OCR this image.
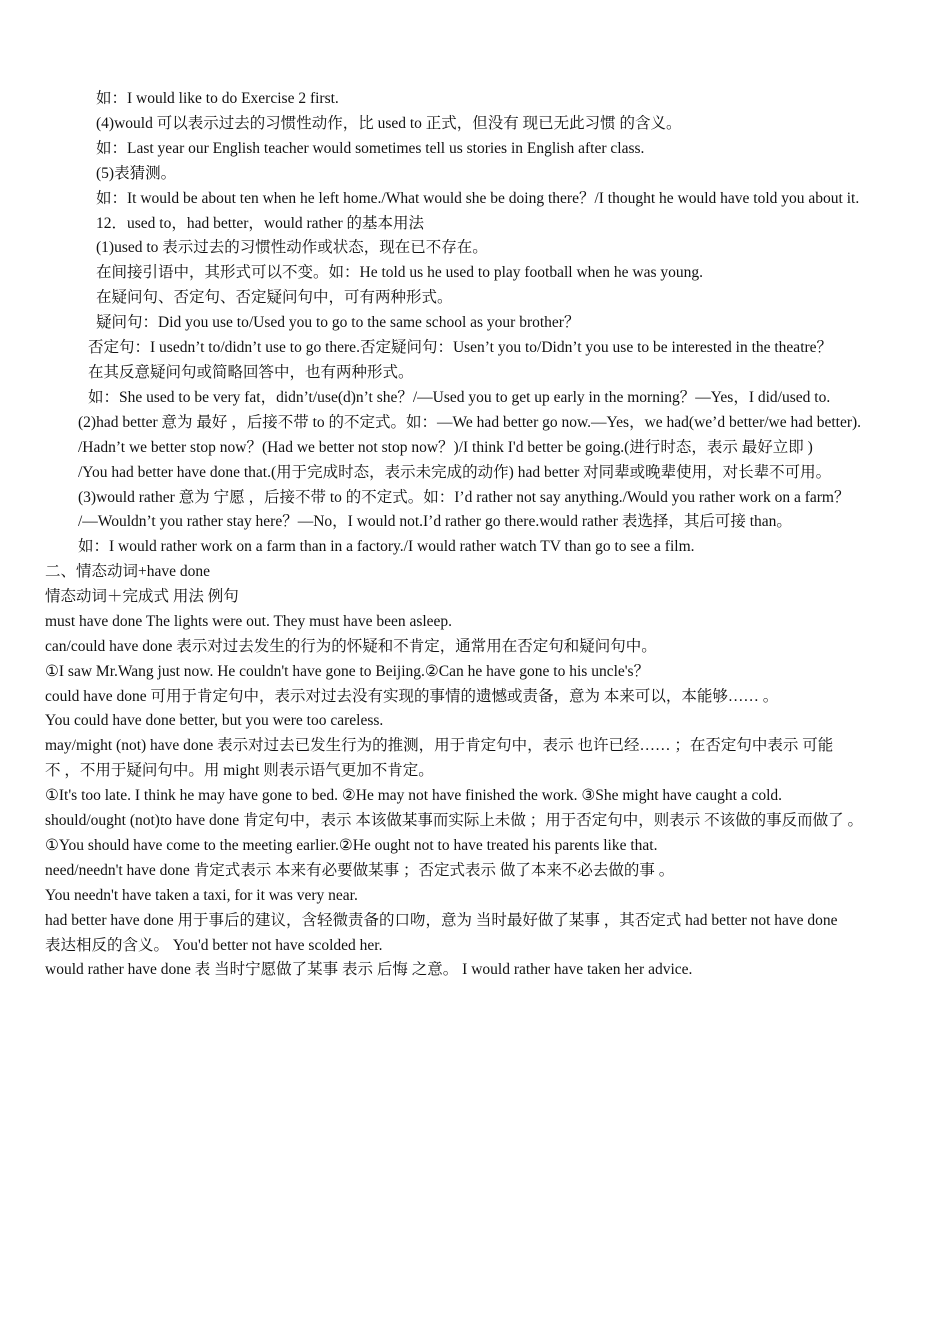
如：I would like to do Exercise 2 first.
(4)would 可以表示过去的习惯性动作，比 used to 正式，但没有 现已无此习惯 的含义。
如：Last year our English teacher would sometimes tell us stories in English after class.
(5)表猜测。
如：It would be about ten when he left home./What would she be doing there？/I thought he would have told you about it.
12．used to，had better，would rather 的基本用法
(1)used to 表示过去的习惯性动作或状态，现在已不存在。
在间接引语中，其形式可以不变。如：He told us he used to play football when he was young.
在疑问句、否定句、否定疑问句中，可有两种形式。
疑问句：Did you use to/Used you to go to the same school as your brother？
否定句：I usedn’t to/didn’t use to go there.否定疑问句：Usen’t you to/Didn’t you use to be interested in the theatre？
在其反意疑问句或简略回答中，也有两种形式。
如：She used to be very fat，didn’t/use(d)n’t she？/—Used you to get up early in the morning？—Yes，I did/used to.
(2)had better 意为 最好 ，后接不带 to 的不定式。如：—We had better go now.—Yes，we had(we’d better/we had better).
/Hadn’t we better stop now？(Had we better not stop now？)/I think I'd better be going.(进行时态，表示 最好立即 )
/You had better have done that.(用于完成时态，表示未完成的动作) had better 对同辈或晚辈使用，对长辈不可用。
(3)would rather 意为 宁愿 ，后接不带 to 的不定式。如：I’d rather not say anything./Would you rather work on a farm？
/—Wouldn’t you rather stay here？—No，I would not.I’d rather go there.would rather 表选择，其后可接 than。
如：I would rather work on a farm than in a factory./I would rather watch TV than go to see a film.
二、情态动词+have done
情态动词＋完成式 用法 例句
must have done The lights were out. They must have been asleep.
can/could have done 表示对过去发生的行为的怀疑和不肯定，通常用在否定句和疑问句中。
①I saw Mr.Wang just now. He couldn't have gone to Beijing.②Can he have gone to his uncle's？
could have done 可用于肯定句中，表示对过去没有实现的事情的遗憾或责备，意为 本来可以，本能够…… 。
You could have done better, but you were too careless.
may/might (not) have done 表示对过去已发生行为的推测，用于肯定句中，表示 也许已经…… ；在否定句中表示 可能
不 ，不用于疑问句中。用 might 则表示语气更加不肯定。
①It's too late. I think he may have gone to bed. ②He may not have finished the work. ③She might have caught a cold.
should/ought (not)to have done 肯定句中，表示 本该做某事而实际上未做 ；用于否定句中，则表示 不该做的事反而做了 。
①You should have come to the meeting earlier.②He ought not to have treated his parents like that.
need/needn't have done 肯定式表示 本来有必要做某事 ；否定式表示 做了本来不必去做的事 。
You needn't have taken a taxi, for it was very near.
had better have done 用于事后的建议，含轻微责备的口吻，意为 当时最好做了某事 ，其否定式 had better not have done
表达相反的含义。 You'd better not have scolded her.
would rather have done 表 当时宁愿做了某事 表示 后悔 之意。 I would rather have taken her advice.
